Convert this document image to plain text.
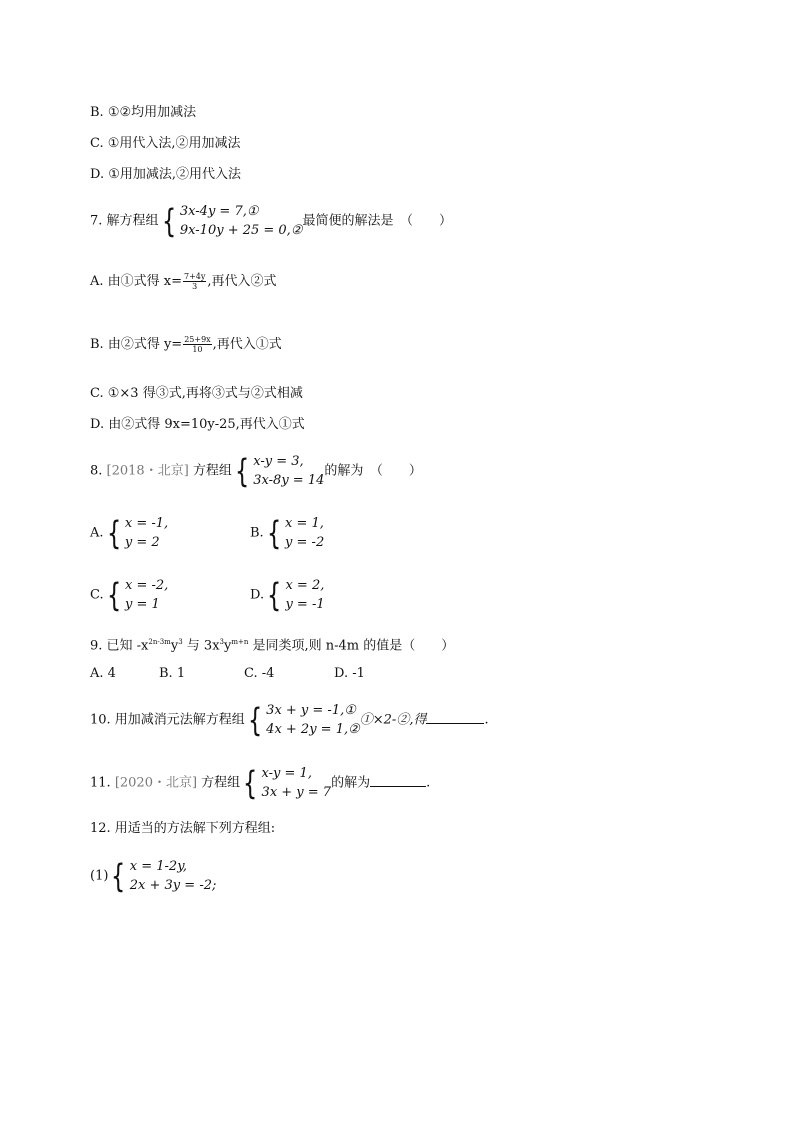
B. ①②均用加减法
C. ①用代入法,②用加减法
D. ①用加减法,②用代入法
7. 解方程组{ 3x-4y = 7,①
9x-10y + 25 = 0,②
最简便的解法是　（　　）
A. 由①式得 $x= \frac{7+4y}{3}$ ,再代入②式
B. 由②式得 $y= \frac{25+9x}{10}$ ,再代入①式
C. ①×3 得③式,再将③式与②式相减
D. 由②式得 9x=10y-25,再代入①式
8. [2018・北京] 方程组{ x-y = 3,
3x-8y = 14
的解为　（　　）
A.{ x = -1,
y = 2
B.{ x = 1,
y = -2
C.{ x = -2,
y = 1
D.{ x = 2,
y = -1
9. 已知 $-x^{2n-3m}y^3$ 与 $3x^3y^{m+n}$ 是同类项,则 n-4m 的值是（　　）
A. 4	B. 1	C. -4	D. -1
10. 用加减消元法解方程组{ 3x + y = -1,①
4x + 2y = 1,②
①×2-②,得	.
11. [2020・北京] 方程组{ x-y = 1,
3x + y = 7
的解为	.
12. 用适当的方法解下列方程组:
(1){ x = 1-2y,
2x + 3y = -2;
